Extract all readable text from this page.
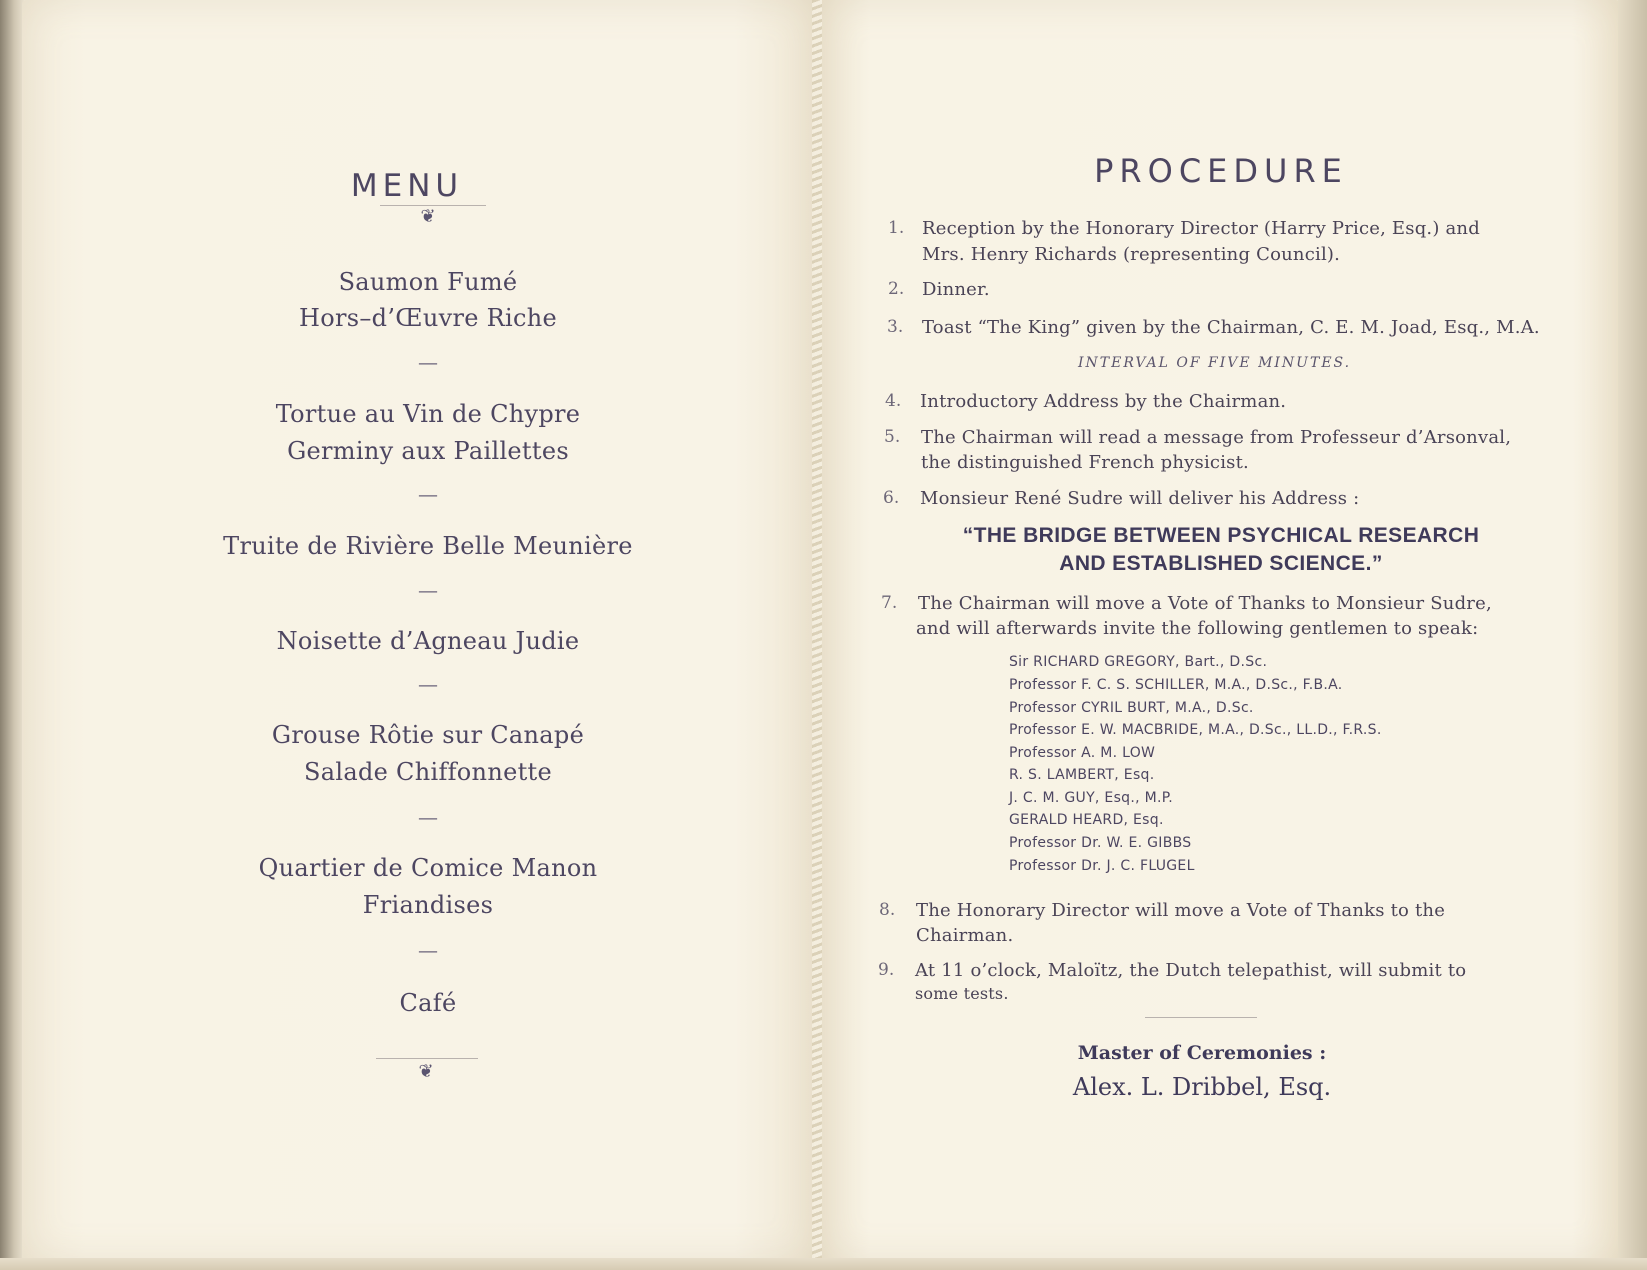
MENU
❦
Saumon Fumé
Hors–d’Œuvre Riche
—
Tortue au Vin de Chypre
Germiny aux Paillettes
—
Truite de Rivière Belle Meunière
—
Noisette d’Agneau Judie
—
Grouse Rôtie sur Canapé
Salade Chiffonnette
—
Quartier de Comice Manon
Friandises
—
Café
❦
PROCEDURE
1. Reception by the Honorary Director (Harry Price, Esq.) and
Mrs. Henry Richards (representing Council).
2. Dinner.
3. Toast “The King” given by the Chairman, C. E. M. Joad, Esq., M.A.
INTERVAL OF FIVE MINUTES.
4. Introductory Address by the Chairman.
5. The Chairman will read a message from Professeur d’Arsonval,
the distinguished French physicist.
6. Monsieur René Sudre will deliver his Address :
“THE BRIDGE BETWEEN PSYCHICAL RESEARCH
AND ESTABLISHED SCIENCE.”
7. The Chairman will move a Vote of Thanks to Monsieur Sudre,
and will afterwards invite the following gentlemen to speak:
Sir RICHARD GREGORY, Bart., D.Sc.
Professor F. C. S. SCHILLER, M.A., D.Sc., F.B.A.
Professor CYRIL BURT, M.A., D.Sc.
Professor E. W. MACBRIDE, M.A., D.Sc., LL.D., F.R.S.
Professor A. M. LOW
R. S. LAMBERT, Esq.
J. C. M. GUY, Esq., M.P.
GERALD HEARD, Esq.
Professor Dr. W. E. GIBBS
Professor Dr. J. C. FLUGEL
8. The Honorary Director will move a Vote of Thanks to the
Chairman.
9. At 11 o’clock, Maloïtz, the Dutch telepathist, will submit to
some tests.
Master of Ceremonies :
Alex. L. Dribbel, Esq.
